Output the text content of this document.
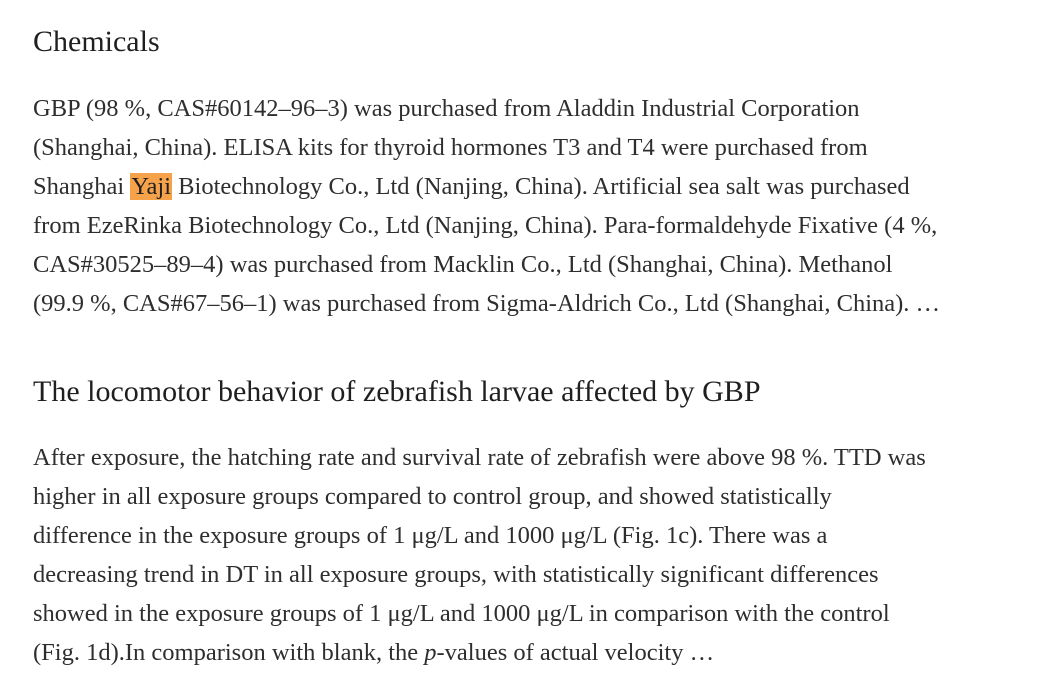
Chemicals

GBP (98 %, CAS#60142–96–3) was purchased from Aladdin Industrial Corporation
(Shanghai, China). ELISA kits for thyroid hormones T3 and T4 were purchased from
Shanghai Yaji Biotechnology Co., Ltd (Nanjing, China). Artificial sea salt was purchased
from EzeRinka Biotechnology Co., Ltd (Nanjing, China). Para-formaldehyde Fixative (4 %,
CAS#30525–89–4) was purchased from Macklin Co., Ltd (Shanghai, China). Methanol
(99.9 %, CAS#67–56–1) was purchased from Sigma-Aldrich Co., Ltd (Shanghai, China). …

The locomotor behavior of zebrafish larvae affected by GBP

After exposure, the hatching rate and survival rate of zebrafish were above 98 %. TTD was
higher in all exposure groups compared to control group, and showed statistically
difference in the exposure groups of 1 μg/L and 1000 μg/L (Fig. 1c). There was a
decreasing trend in DT in all exposure groups, with statistically significant differences
showed in the exposure groups of 1 μg/L and 1000 μg/L in comparison with the control
(Fig. 1d).In comparison with blank, the p-values of actual velocity …
